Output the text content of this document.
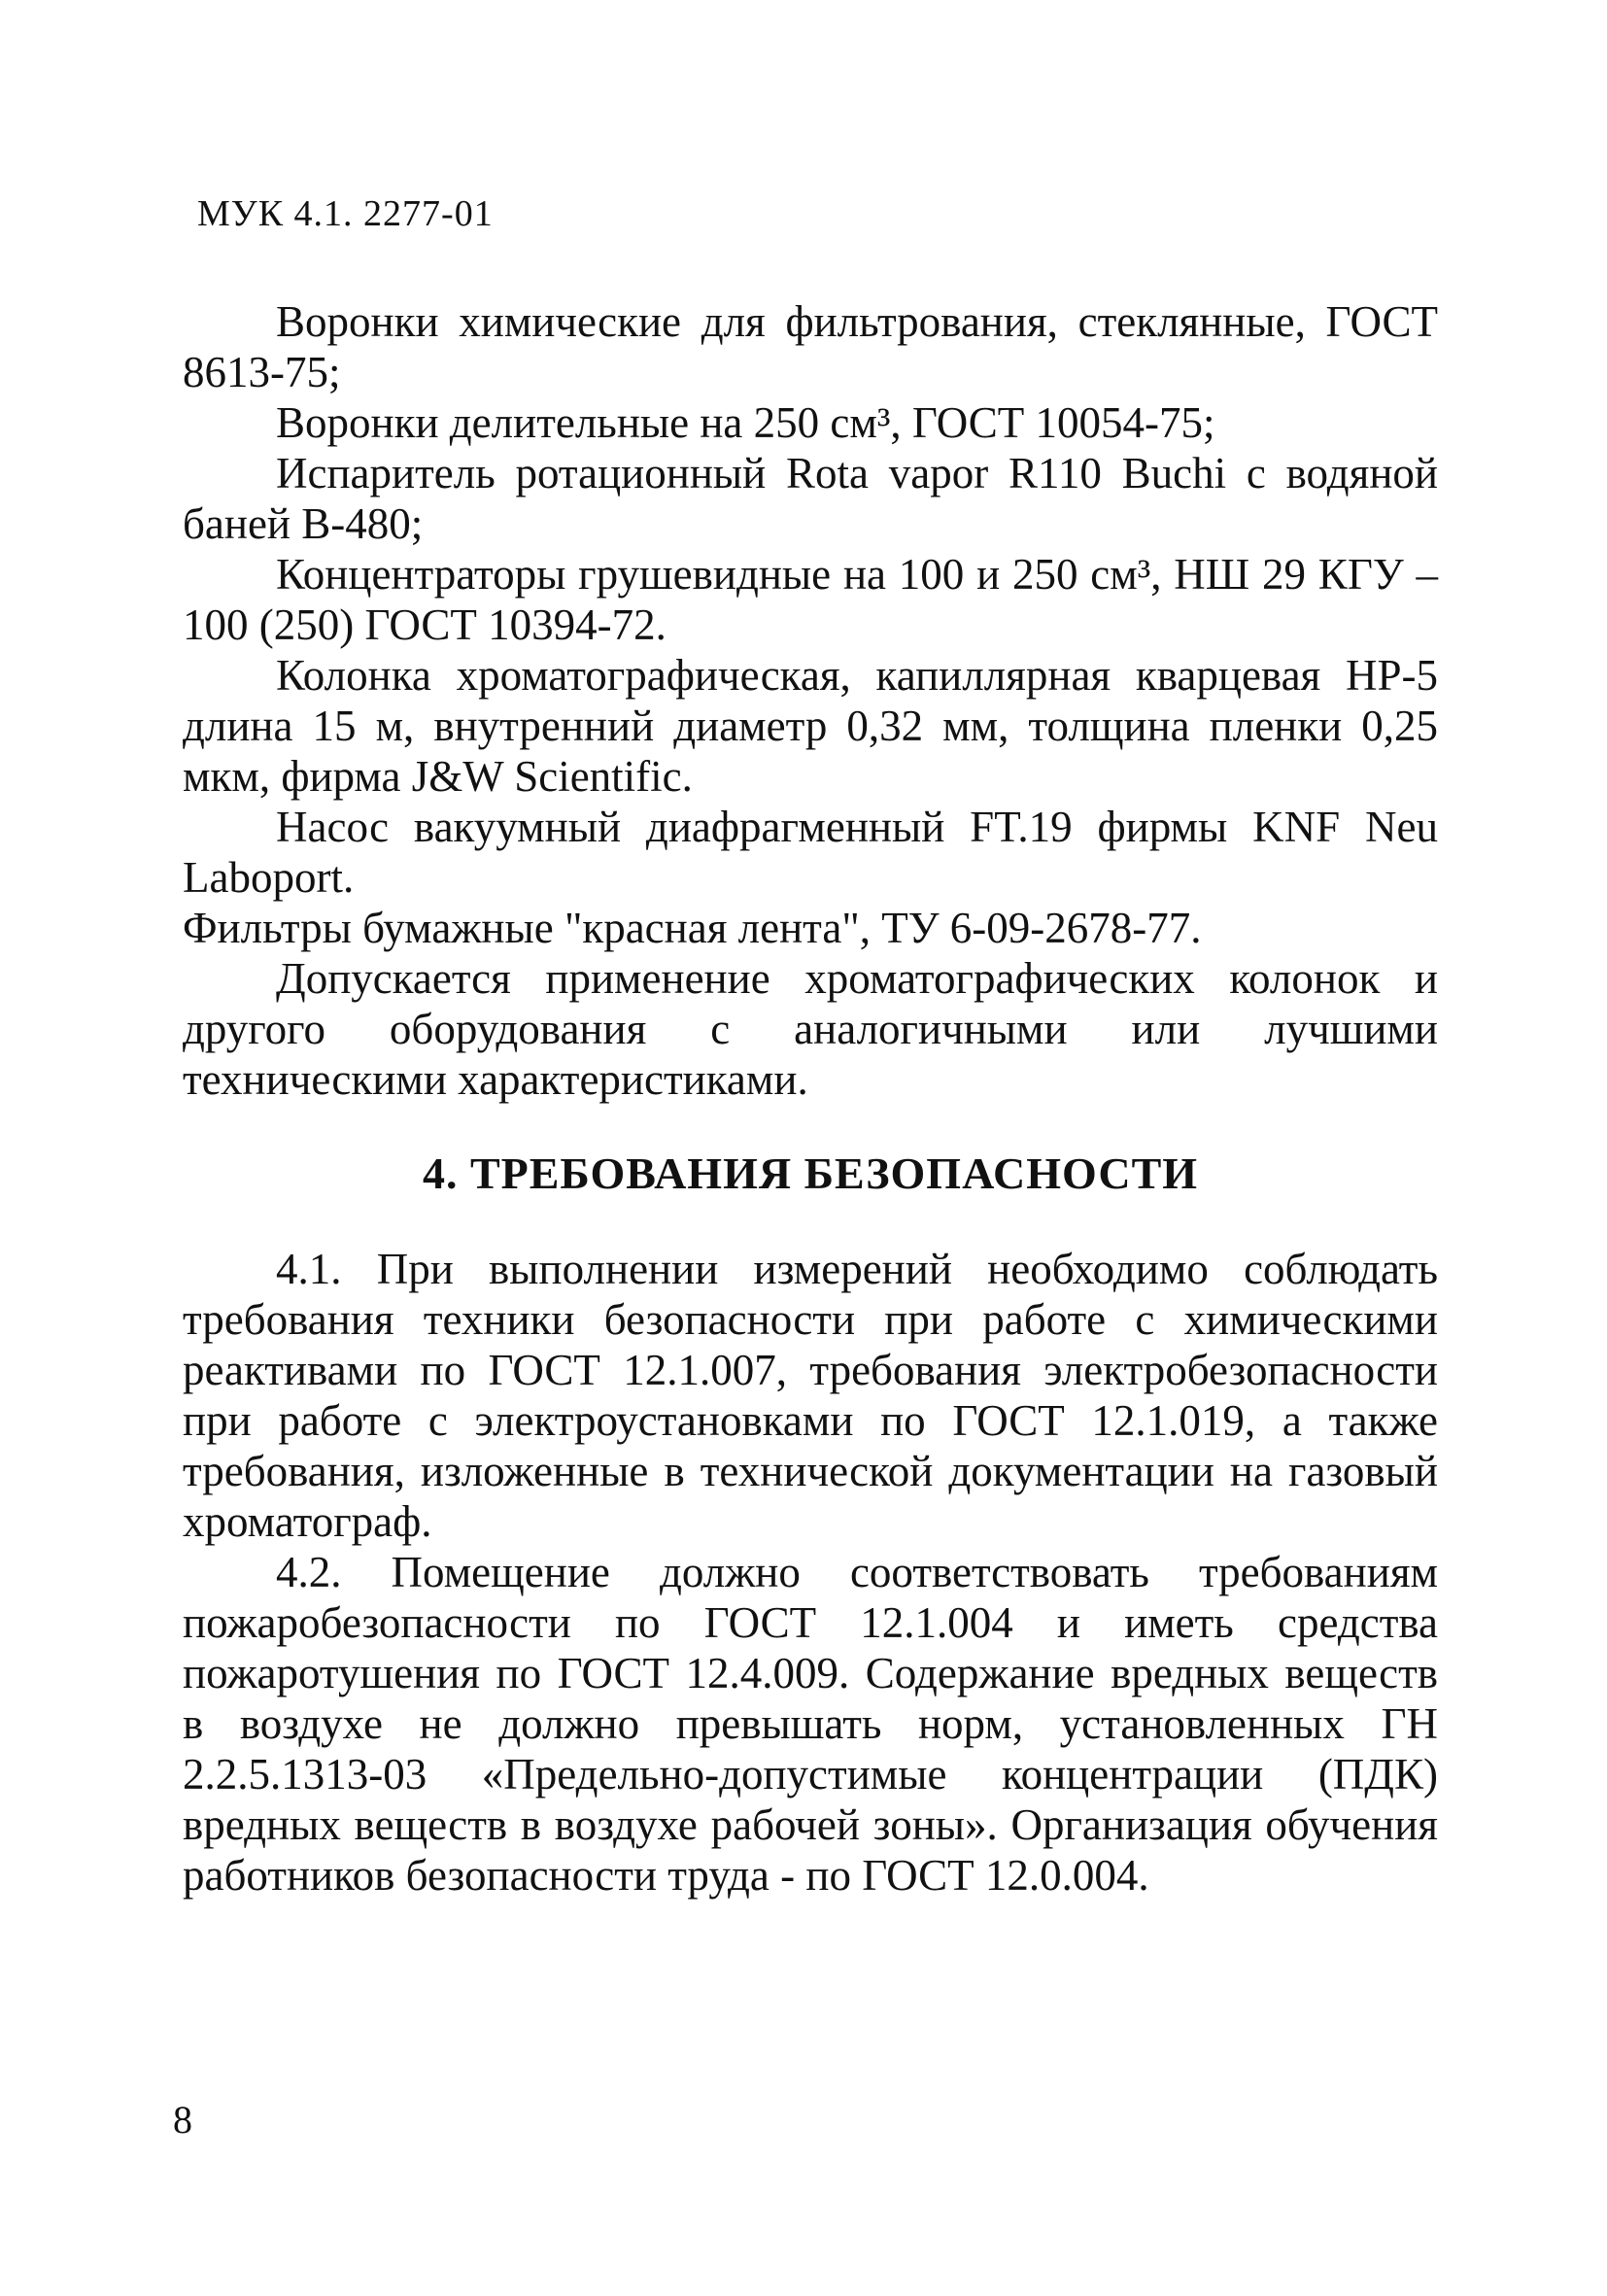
МУК 4.1. 2277-01

Воронки химические для фильтрования, стеклянные, ГОСТ 8613-75;

Воронки делительные на 250 см³, ГОСТ 10054-75;

Испаритель ротационный Rota vapor R110 Buchi с водяной баней В-480;

Концентраторы грушевидные на 100 и 250 см³, НШ 29 КГУ – 100 (250) ГОСТ 10394-72.

Колонка хроматографическая, капиллярная кварцевая HP-5 длина 15 м, внутренний диаметр 0,32 мм, толщина пленки 0,25 мкм, фирма J&W Scientific.

Насос вакуумный диафрагменный FT.19 фирмы KNF Neu Laboport.

Фильтры бумажные "красная лента", ТУ 6-09-2678-77.

Допускается применение хроматографических колонок и другого оборудования с аналогичными или лучшими техническими характеристиками.

4. ТРЕБОВАНИЯ БЕЗОПАСНОСТИ

4.1. При выполнении измерений необходимо соблюдать требования техники безопасности при работе с химическими реактивами по ГОСТ 12.1.007, требования электробезопасности при работе с электроустановками по ГОСТ 12.1.019, а также требования, изложенные в технической документации на газовый хроматограф.

4.2. Помещение должно соответствовать требованиям пожаробезопасности по ГОСТ 12.1.004 и иметь средства пожаротушения по ГОСТ 12.4.009. Содержание вредных веществ в воздухе не должно превышать норм, установленных ГН 2.2.5.1313-03 «Предельно-допустимые концентрации (ПДК) вредных веществ в воздухе рабочей зоны». Организация обучения работников безопасности труда - по ГОСТ 12.0.004.

8
